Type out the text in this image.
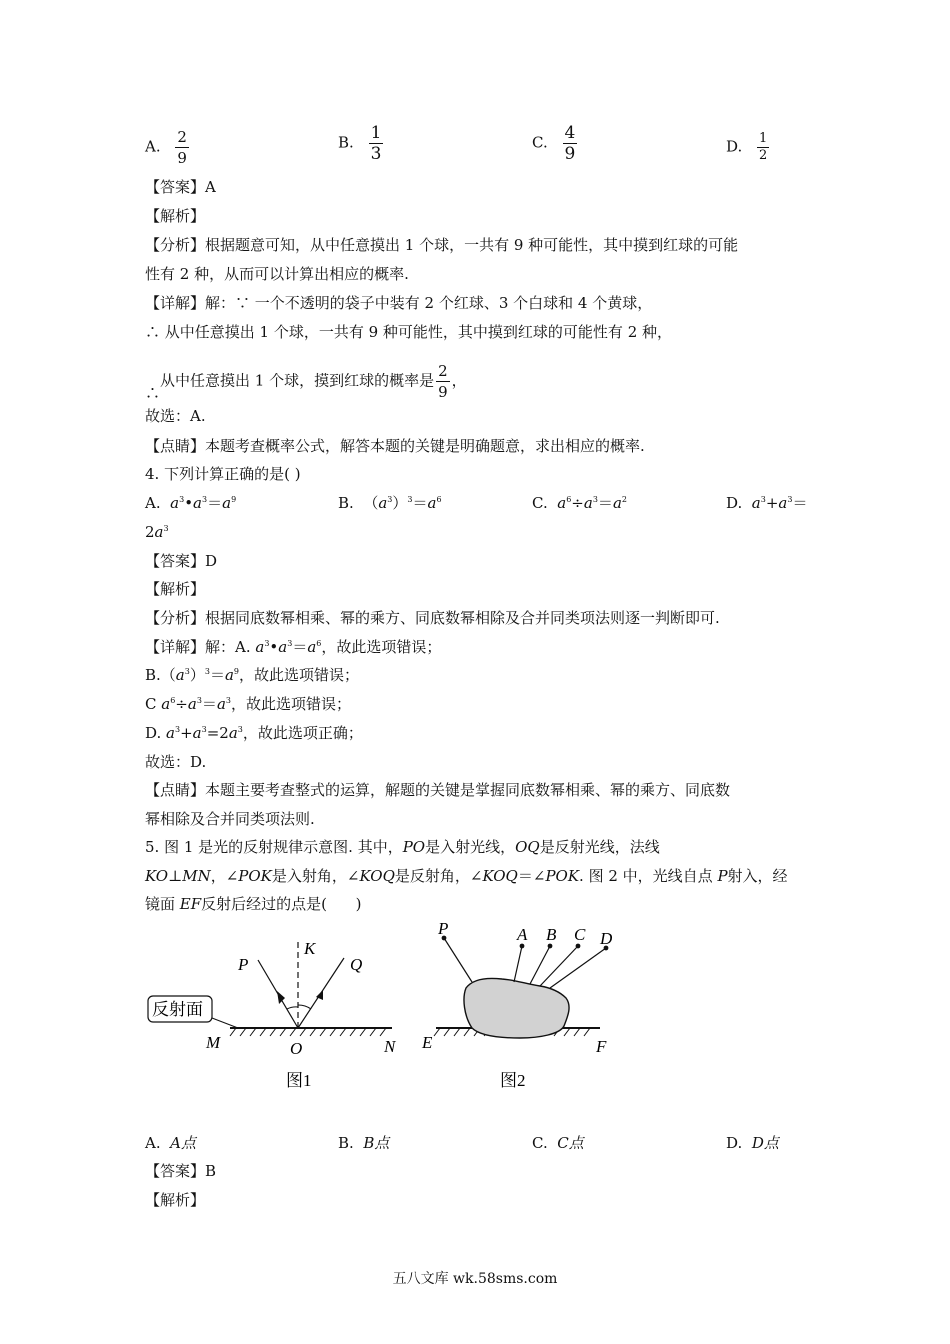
A. $\frac{2}{9}$	B. $\frac{1}{3}$	C. $\frac{4}{9}$	D. $\frac{1}{2}$
【答案】A
【解析】
【分析】根据题意可知，从中任意摸出 1 个球，一共有 9 种可能性，其中摸到红球的可能
性有 2 种，从而可以计算出相应的概率.
【详解】解：∵ 一个不透明的袋子中装有 2 个红球、3 个白球和 4 个黄球，
∴ 从中任意摸出 1 个球，一共有 9 种可能性，其中摸到红球的可能性有 2 种，
∴从中任意摸出 1 个球，摸到红球的概率是 $\frac{2}{9}$ ，
故选：A.
【点睛】本题考查概率公式，解答本题的关键是明确题意，求出相应的概率.
4. 下列计算正确的是( )
A.  $a^3•a^3=a^9$	B.  $(a^3)^3=a^6$	C.  $a^6\div a^3=a^2$	D.  $a^3+a^3=$
$2a^3$
【答案】D
【解析】
【分析】根据同底数幂相乘、幂的乘方、同底数幂相除及合并同类项法则逐一判断即可.
【详解】解：A. $a^3•a^3=a^6$，故此选项错误；
$B.(a^3)^3=a^9$，故此选项错误；
C $a^6\div a^3=a^3$，故此选项错误；
D. $a^3+a^3=2a^3$，故此选项正确；
故选：D.
【点睛】本题主要考查整式的运算，解题的关键是掌握同底数幂相乘、幂的乘方、同底数
幂相除及合并同类项法则.
5. 图 1 是光的反射规律示意图. 其中，PO是入射光线，OQ是反射光线，法线
KO⊥MN，∠POK是入射角，∠KOQ是反射角，∠KOQ＝∠POK. 图 2 中，光线自点 P射入，经
镜面 EF反射后经过的点是(      )
反射面
P
K
Q
M	O	N
图1
P	A B C D
E	F
图2
A. A点	B. B点	C. C点	D. D点
【答案】B
【解析】
五八文库 wk.58sms.com
